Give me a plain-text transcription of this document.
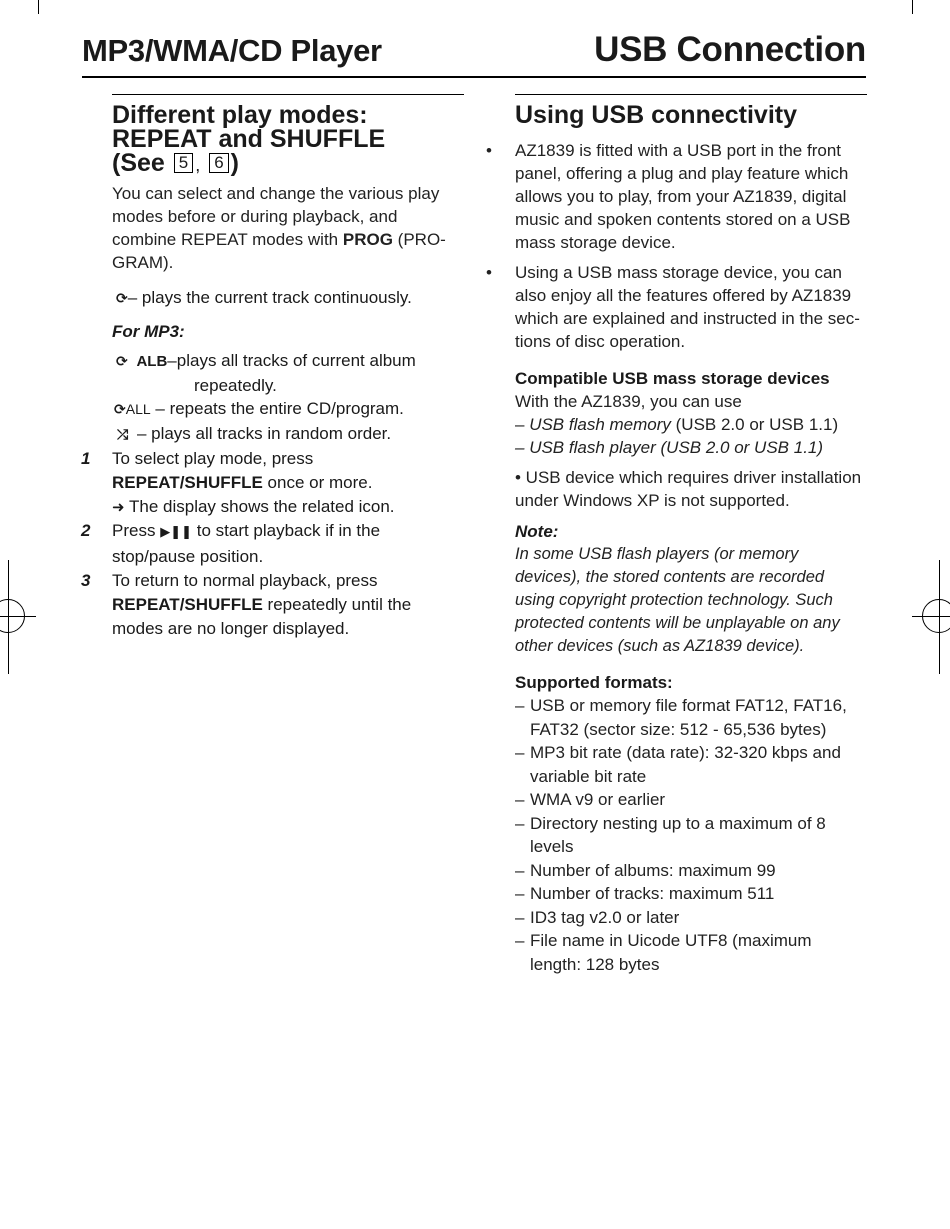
MP3/WMA/CD Player	USB Connection
Different play modes:
REPEAT and SHUFFLE
(See 5 , 6 )
You can select and change the various play modes before or during playback, and combine REPEAT modes with PROG (PRO-GRAM).
⟳– plays the current track continuously.
For MP3:
⟳ ALB–plays all tracks of current album
repeatedly.
⟳ALL – repeats the entire CD/program.
⤮ – plays all tracks in random order.
1 To select play mode, press
REPEAT/SHUFFLE once or more.
➜ The display shows the related icon.
2 Press ▶❚❚ to start playback if in the stop/pause position.
3 To return to normal playback, press
REPEAT/SHUFFLE repeatedly until the modes are no longer displayed.
Using USB connectivity
• AZ1839 is fitted with a USB port in the front panel, offering a plug and play feature which allows you to play, from your AZ1839, digital music and spoken contents stored on a USB mass storage device.
• Using a USB mass storage device, you can also enjoy all the features offered by AZ1839 which are explained and instructed in the sec-tions of disc operation.
Compatible USB mass storage devices
With the AZ1839, you can use
– USB flash memory (USB 2.0 or USB 1.1)
– USB flash player (USB 2.0 or USB 1.1)
• USB device which requires driver installation under Windows XP is not supported.
Note:
In some USB flash players (or memory devices), the stored contents are recorded using copyright protection technology. Such protected contents will be unplayable on any other devices (such as AZ1839 device).
Supported formats:
– USB or memory file format FAT12, FAT16, FAT32 (sector size: 512 - 65,536 bytes)
– MP3 bit rate (data rate): 32-320 kbps and variable bit rate
– WMA v9 or earlier
– Directory nesting up to a maximum of 8 levels
– Number of albums: maximum 99
– Number of tracks: maximum 511
– ID3 tag v2.0 or later
– File name in Uicode UTF8 (maximum length: 128 bytes
